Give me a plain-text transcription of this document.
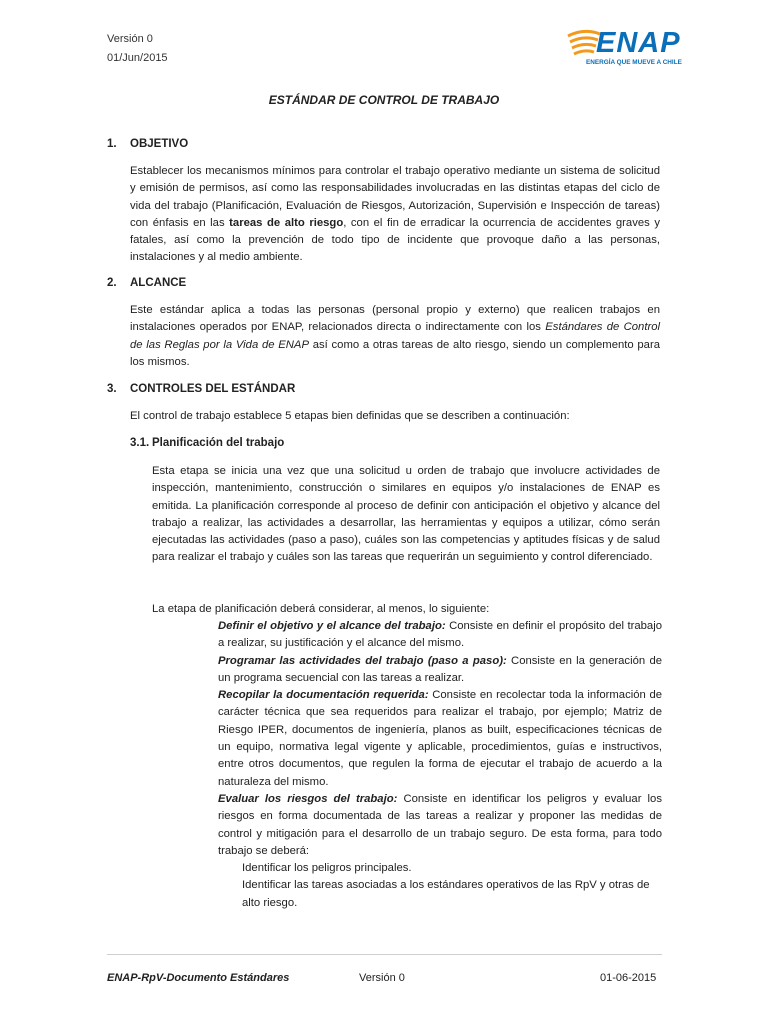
Versión 0
01/Jun/2015	ENAP
ENERGÍA QUE MUEVE A CHILE
ESTÁNDAR DE CONTROL DE TRABAJO
1. OBJETIVO
Establecer los mecanismos mínimos para controlar el trabajo operativo mediante un sistema de solicitud y emisión de permisos, así como las responsabilidades involucradas en las distintas etapas del ciclo de vida del trabajo (Planificación, Evaluación de Riesgos, Autorización, Supervisión e Inspección de tareas) con énfasis en las tareas de alto riesgo, con el fin de erradicar la ocurrencia de accidentes graves y fatales, así como la prevención de todo tipo de incidente que provoque daño a las personas, instalaciones y al medio ambiente.
2. ALCANCE
Este estándar aplica a todas las personas (personal propio y externo) que realicen trabajos en instalaciones operados por ENAP, relacionados directa o indirectamente con los Estándares de Control de las Reglas por la Vida de ENAP así como a otras tareas de alto riesgo, siendo un complemento para los mismos.
3. CONTROLES DEL ESTÁNDAR
El control de trabajo establece 5 etapas bien definidas que se describen a continuación:
3.1. Planificación del trabajo
Esta etapa se inicia una vez que una solicitud u orden de trabajo que involucre actividades de inspección, mantenimiento, construcción o similares en equipos y/o instalaciones de ENAP es emitida. La planificación corresponde al proceso de definir con anticipación el objetivo y alcance del trabajo a realizar, las actividades a desarrollar, las herramientas y equipos a utilizar, cómo serán ejecutadas las actividades (paso a paso), cuáles son las competencias y aptitudes físicas y de salud para realizar el trabajo y cuáles son las tareas que requerirán un seguimiento y control diferenciado.
La etapa de planificación deberá considerar, al menos, lo siguiente:
Definir el objetivo y el alcance del trabajo: Consiste en definir el propósito del trabajo a realizar, su justificación y el alcance del mismo.
Programar las actividades del trabajo (paso a paso): Consiste en la generación de un programa secuencial con las tareas a realizar.
Recopilar la documentación requerida: Consiste en recolectar toda la información de carácter técnica que sea requeridos para realizar el trabajo, por ejemplo; Matriz de Riesgo IPER, documentos de ingeniería, planos as built, especificaciones técnicas de un equipo, normativa legal vigente y aplicable, procedimientos, guías e instructivos, entre otros documentos, que regulen la forma de ejecutar el trabajo de acuerdo a la naturaleza del mismo.
Evaluar los riesgos del trabajo: Consiste en identificar los peligros y evaluar los riesgos en forma documentada de las tareas a realizar y proponer las medidas de control y mitigación para el desarrollo de un trabajo seguro. De esta forma, para todo trabajo se deberá:
Identificar los peligros principales.
Identificar las tareas asociadas a los estándares operativos de las RpV y otras de alto riesgo.
ENAP-RpV-Documento Estándares	Versión 0	01-06-2015
